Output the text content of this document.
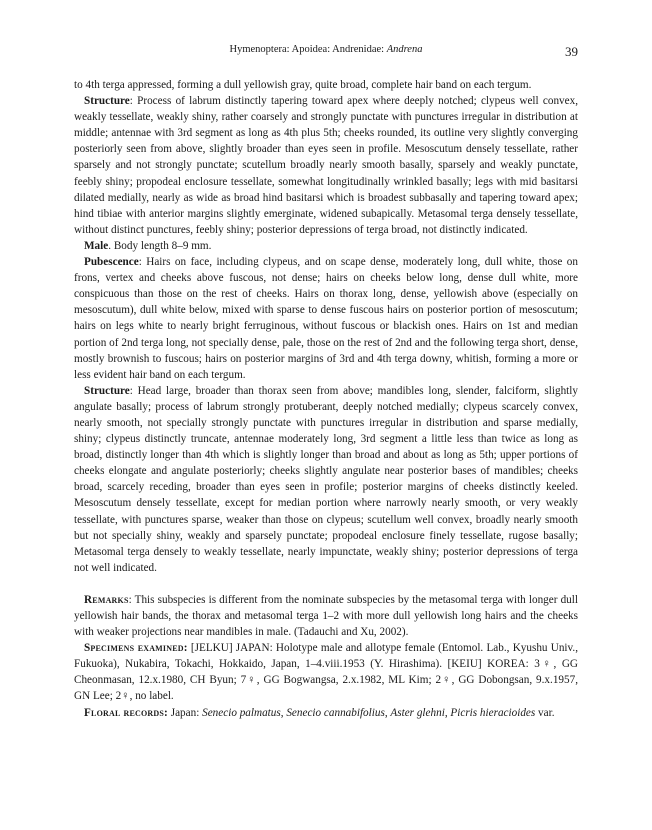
Hymenoptera: Apoidea: Andrenidae: Andrena	39

to 4th terga appressed, forming a dull yellowish gray, quite broad, complete hair band on each tergum.

Structure: Process of labrum distinctly tapering toward apex where deeply notched; clypeus well convex, weakly tessellate, weakly shiny, rather coarsely and strongly punctate with punctures irregular in distribution at middle; antennae with 3rd segment as long as 4th plus 5th; cheeks rounded, its outline very slightly converging posteriorly seen from above, slightly broader than eyes seen in profile. Mesoscutum densely tessellate, rather sparsely and not strongly punctate; scutellum broadly nearly smooth basally, sparsely and weakly punctate, feebly shiny; propodeal enclosure tessellate, somewhat longitudinally wrinkled basally; legs with mid basitarsi dilated medially, nearly as wide as broad hind basitarsi which is broadest subbasally and tapering toward apex; hind tibiae with anterior margins slightly emerginate, widened subapically. Metasomal terga densely tessellate, without distinct punctures, feebly shiny; posterior depressions of terga broad, not distinctly indicated.

Male. Body length 8–9 mm.

Pubescence: Hairs on face, including clypeus, and on scape dense, moderately long, dull white, those on frons, vertex and cheeks above fuscous, not dense; hairs on cheeks below long, dense dull white, more conspicuous than those on the rest of cheeks. Hairs on thorax long, dense, yellowish above (especially on mesoscutum), dull white below, mixed with sparse to dense fuscous hairs on posterior portion of mesoscutum; hairs on legs white to nearly bright ferruginous, without fuscous or blackish ones. Hairs on 1st and median portion of 2nd terga long, not specially dense, pale, those on the rest of 2nd and the following terga short, dense, mostly brownish to fuscous; hairs on posterior margins of 3rd and 4th terga downy, whitish, forming a more or less evident hair band on each tergum.

Structure: Head large, broader than thorax seen from above; mandibles long, slender, falciform, slightly angulate basally; process of labrum strongly protuberant, deeply notched medially; clypeus scarcely convex, nearly smooth, not specially strongly punctate with punctures irregular in distribution and sparse medially, shiny; clypeus distinctly truncate, antennae moderately long, 3rd segment a little less than twice as long as broad, distinctly longer than 4th which is slightly longer than broad and about as long as 5th; upper portions of cheeks elongate and angulate posteriorly; cheeks slightly angulate near posterior bases of mandibles; cheeks broad, scarcely receding, broader than eyes seen in profile; posterior margins of cheeks distinctly keeled. Mesoscutum densely tessellate, except for median portion where narrowly nearly smooth, or very weakly tessellate, with punctures sparse, weaker than those on clypeus; scutellum well convex, broadly nearly smooth but not specially shiny, weakly and sparsely punctate; propodeal enclosure finely tessellate, rugose basally; Metasomal terga densely to weakly tessellate, nearly impunctate, weakly shiny; posterior depressions of terga not well indicated.

Remarks: This subspecies is different from the nominate subspecies by the metasomal terga with longer dull yellowish hair bands, the thorax and metasomal terga 1–2 with more dull yellowish long hairs and the cheeks with weaker projections near mandibles in male. (Tadauchi and Xu, 2002).

Specimens examined: [JELKU] JAPAN: Holotype male and allotype female (Entomol. Lab., Kyushu Univ., Fukuoka), Nukabira, Tokachi, Hokkaido, Japan, 1–4.viii.1953 (Y. Hirashima). [KEIU] KOREA: 3♀, GG Cheonmasan, 12.x.1980, CH Byun; 7♀, GG Bogwangsa, 2.x.1982, ML Kim; 2♀, GG Dobongsan, 9.x.1957, GN Lee; 2♀, no label.

Floral records: Japan: Senecio palmatus, Senecio cannabifolius, Aster glehni, Picris hieracioides var.
